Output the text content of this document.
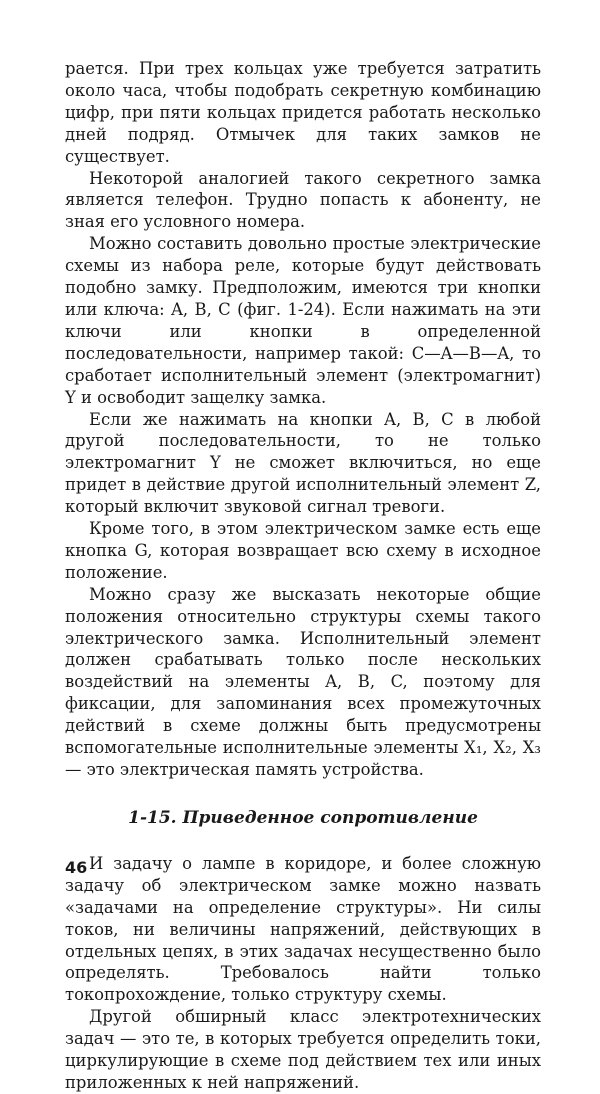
рается. При трех кольцах уже требуется затратить около часа, чтобы подобрать секретную комбинацию цифр, при пяти кольцах придется работать несколько дней подряд. Отмычек для таких замков не существует.

Некоторой аналогией такого секретного замка является телефон. Трудно попасть к абоненту, не зная его условного номера.

Можно составить довольно простые электрические схемы из набора реле, которые будут действовать подобно замку. Предположим, имеются три кнопки или ключа: A, B, C (фиг. 1-24). Если нажимать на эти ключи или кнопки в определенной последовательности, например такой: C—A—B—A, то сработает исполнительный элемент (электромагнит) Y и освободит защелку замка.

Если же нажимать на кнопки A, B, C в любой другой последовательности, то не только электромагнит Y не сможет включиться, но еще придет в действие другой исполнительный элемент Z, который включит звуковой сигнал тревоги.

Кроме того, в этом электрическом замке есть еще кнопка G, которая возвращает всю схему в исходное положение.

Можно сразу же высказать некоторые общие положения относительно структуры схемы такого электрического замка. Исполнительный элемент должен срабатывать только после нескольких воздействий на элементы A, B, C, поэтому для фиксации, для запоминания всех промежуточных действий в схеме должны быть предусмотрены вспомогательные исполнительные элементы X₁, X₂, X₃ — это электрическая память устройства.

1-15. Приведенное сопротивление

И задачу о лампе в коридоре, и более сложную задачу об электрическом замке можно назвать «задачами на определение структуры». Ни силы токов, ни величины напряжений, действующих в отдельных цепях, в этих задачах несущественно было определять. Требовалось найти только токопрохождение, только структуру схемы.

Другой обширный класс электротехнических задач — это те, в которых требуется определить токи, циркулирующие в схеме под действием тех или иных приложенных к ней напряжений.

46
